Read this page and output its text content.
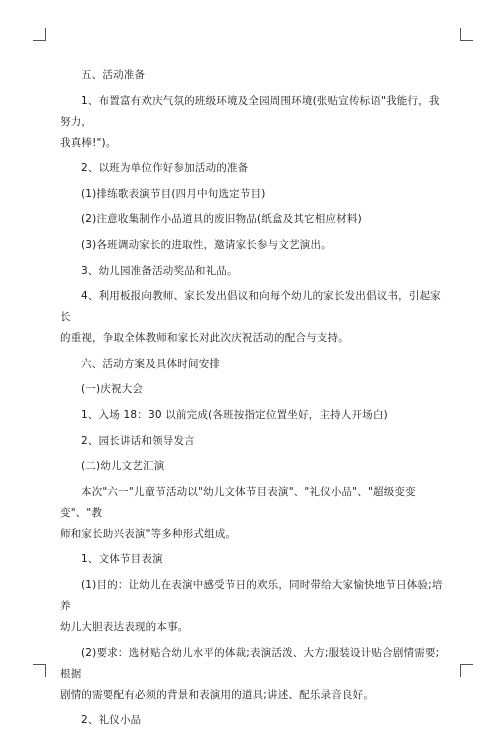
五、活动准备

1、布置富有欢庆气氛的班级环境及全园周围环境(张贴宣传标语"我能行，我努力，

我真棒!")。

2、以班为单位作好参加活动的准备

(1)排练歌表演节目(四月中旬选定节目)

(2)注意收集制作小品道具的废旧物品(纸盒及其它相应材料)

(3)各班调动家长的进取性，邀请家长参与文艺演出。

3、幼儿园准备活动奖品和礼品。

4、利用板报向教师、家长发出倡议和向每个幼儿的家长发出倡议书，引起家长

的重视，争取全体教师和家长对此次庆祝活动的配合与支持。

六、活动方案及具体时间安排

(一)庆祝大会

1、入场 18：30 以前完成(各班按指定位置坐好，主持人开场白)

2、园长讲话和领导发言

(二)幼儿文艺汇演

本次"六一"儿童节活动以"幼儿文体节目表演"、"礼仪小品"、"超级变变变"、"教

师和家长助兴表演"等多种形式组成。

1、文体节目表演

(1)目的：让幼儿在表演中感受节日的欢乐，同时带给大家愉快地节日体验;培养

幼儿大胆表达表现的本事。

(2)要求：选材贴合幼儿水平的体裁;表演活泼、大方;服装设计贴合剧情需要;根据

剧情的需要配有必须的背景和表演用的道具;讲述、配乐录音良好。

2、礼仪小品
